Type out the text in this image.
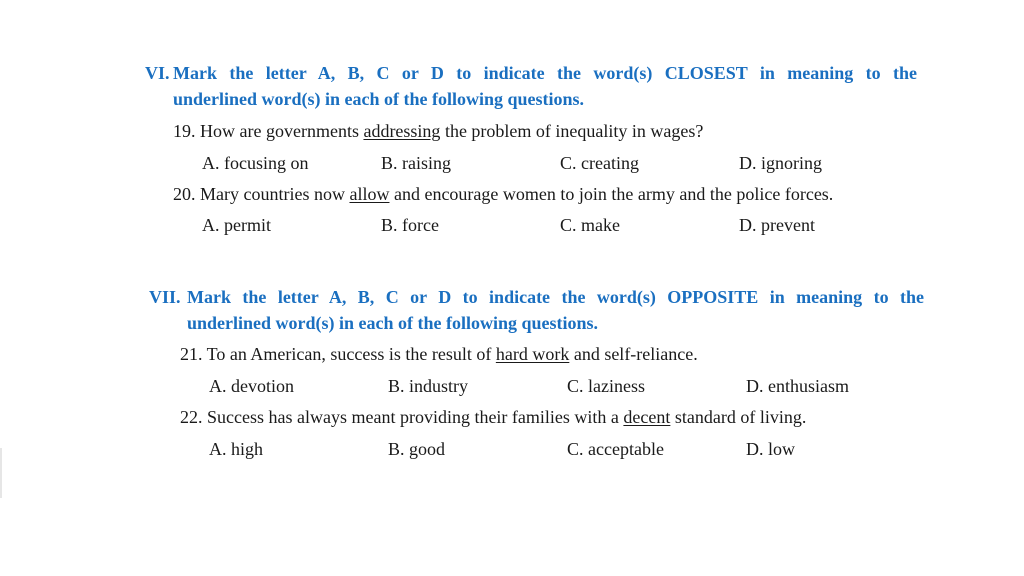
VI. Mark the letter A, B, C or D to indicate the word(s) CLOSEST in meaning to the
underlined word(s) in each of the following questions.
19. How are governments addressing the problem of inequality in wages?
A. focusing on	B. raising	C. creating	D. ignoring
20. Mary countries now allow and encourage women to join the army and the police forces.
A. permit	B. force	C. make	D. prevent
VII. Mark the letter A, B, C or D to indicate the word(s) OPPOSITE in meaning to the
underlined word(s) in each of the following questions.
21. To an American, success is the result of hard work and self-reliance.
A. devotion	B. industry	C. laziness	D. enthusiasm
22. Success has always meant providing their families with a decent standard of living.
A. high	B. good	C. acceptable	D. low
